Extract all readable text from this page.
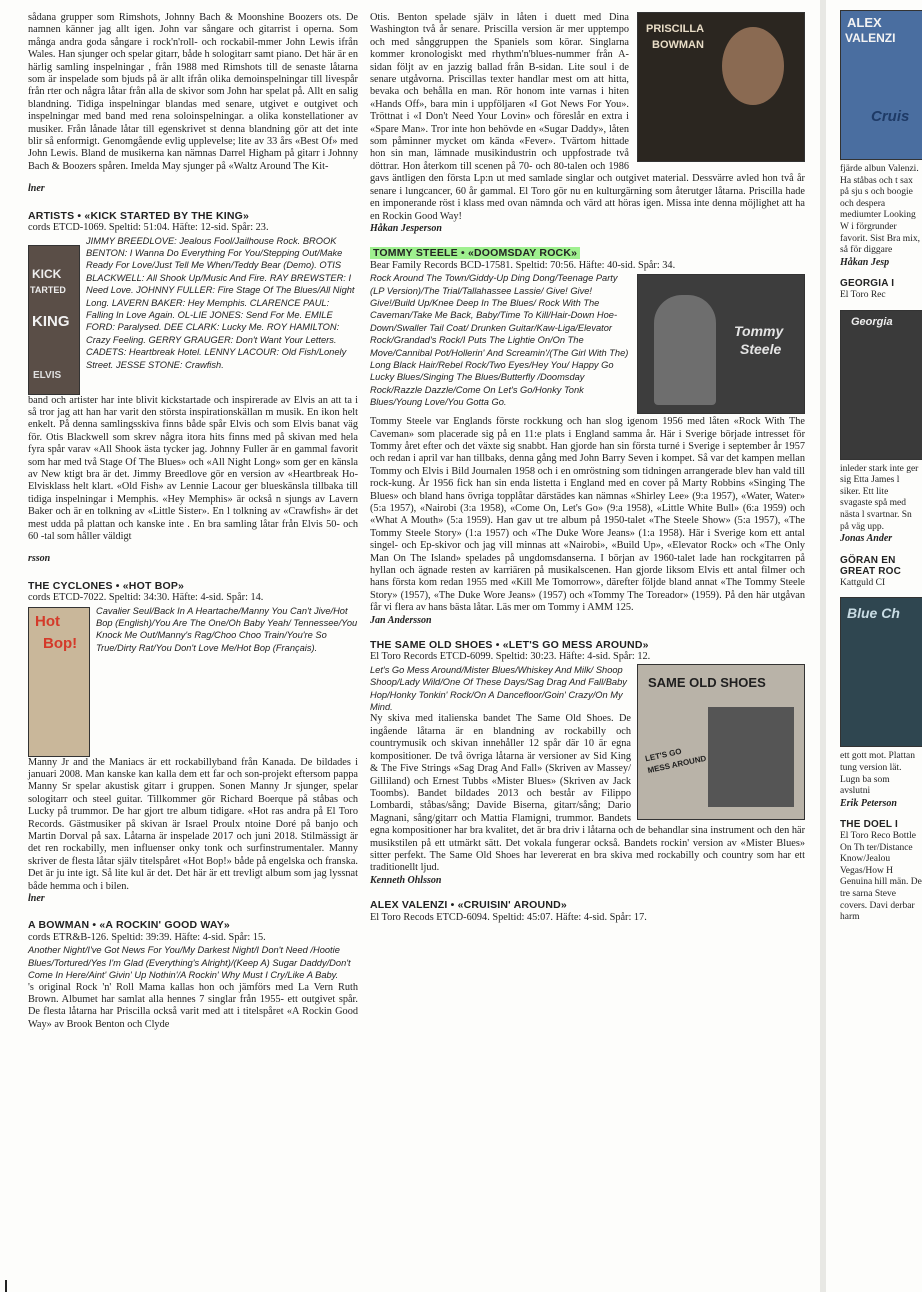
sådana grupper som Rimshots, Johnny Bach & Moonshine Boozers ots. De namnen känner jag allt igen. John var sångare och gitarrist i operna. Som många andra goda sångare i rock'n'roll- och rockabil-mmer John Lewis ifrån Wales. Han sjunger och spelar gitarr, både h sologitarr samt piano. Det här är en härlig samling inspelningar , från 1988 med Rimshots till de senaste låtarna som är inspelade som bjuds på är allt ifrån olika demoinspelningar till livespår från rter och några låtar från alla de skivor som John har spelat på. Allt en salig blandning. Tidiga inspelningar blandas med senare, utgivet e outgivet och inspelningar med band med rena soloinspelningar. a olika konstellationer av musiker. Från lånade låtar till egenskrivet st denna blandning gör att det inte blir så enformigt. Genomgående evlig upplevelse; lite av 33 års «Best Of» med John Lewis. Bland de musikerna kan nämnas Darrel Higham på gitarr i Johnny Bach & Boozers spåren. Imelda May sjunger på «Waltz Around The Kit-

lner

ARTISTS • «KICK STARTED BY THE KING»

cords ETCD-1069. Speltid: 51:04. Häfte: 12-sid. Spår: 23.

KICK
TARTED
KING
ELVIS

JIMMY BREEDLOVE: Jealous Fool/Jailhouse Rock. BROOK BENTON: I Wanna Do Everything For You/Stepping Out/Make Ready For Love/Just Tell Me When/Teddy Bear (Demo). OTIS BLACKWELL: All Shook Up/Music And Fire. RAY BREWSTER: I Need Love. JOHNNY FULLER: Fire Stage Of The Blues/All Night Long. LAVERN BAKER: Hey Memphis. CLARENCE PAUL: Falling In Love Again. OL-LIE JONES: Send For Me. EMILE FORD: Paralysed. DEE CLARK: Lucky Me. ROY HAMILTON: Crazy Feeling. GERRY GRAUGER: Don't Want Your Letters. CADETS: Heartbreak Hotel. LENNY LACOUR: Old Fish/Lonely Street. JESSE STONE: Crawfish.

band och artister har inte blivit kickstartade och inspirerade av Elvis an att ta i så tror jag att han har varit den största inspirationskällan m musik. En ikon helt enkelt. På denna samlingsskiva finns både spår Elvis och som Elvis banat väg för. Otis Blackwell som skrev några itora hits finns med på skivan med hela fyra spår varav «All Shook ästa tycker jag. Johnny Fuller är en gammal favorit som har med två Stage Of The Blues» och «All Night Long» som ger en känsla av New ktigt bra är det. Jimmy Breedlove gör en version av «Heartbreak Ho- Elvisklass helt klart. «Old Fish» av Lennie Lacour ger blueskänsla tillbaka till tidiga inspelningar i Memphis. «Hey Memphis» är också n sjungs av Lavern Baker och är en tolkning av «Little Sister». En l tolkning av «Crawfish» är det mest udda på plattan och kanske inte . En bra samling låtar från Elvis 50- och 60 -tal som håller väldigt

rsson

THE CYCLONES • «HOT BOP»

cords ETCD-7022. Speltid: 34:30. Häfte: 4-sid. Spår: 14.

Hot
Bop!

Cavalier Seul/Back In A Heartache/Manny You Can't Jive/Hot Bop (English)/You Are The One/Oh Baby Yeah/ Tennessee/You Knock Me Out/Manny's Rag/Choo Choo Train/You're So True/Dirty Rat/You Don't Love Me/Hot Bop (Français).

Manny Jr and the Maniacs är ett rockabillyband från Kanada. De bildades i januari 2008. Man kanske kan kalla dem ett far och son-projekt eftersom pappa Manny Sr spelar akustisk gitarr i gruppen. Sonen Manny Jr sjunger, spelar sologitarr och steel guitar. Tillkommer gör Richard Boerque på ståbas och Lucky på trummor. De har gjort tre album tidigare. «Hot ras andra på El Toro Records. Gästmusiker på skivan är Israel Proulx ntoine Doré på banjo och Martin Dorval på sax. Låtarna är inspelade 2017 och juni 2018. Stilmässigt är det ren rockabilly, men influenser onky tonk och surfinstrumentaler. Manny skriver de flesta låtar själv titelspåret «Hot Bop!» både på engelska och franska. Det är ju inte igt. Så lite kul är det. Det här är ett trevligt album som jag lyssnat både hemma och i bilen.

lner

A BOWMAN • «A ROCKIN' GOOD WAY»

cords ETR&B-126. Speltid: 39:39. Häfte: 4-sid. Spår: 15.

Another Night/I've Got News For You/My Darkest Night/I Don't Need /Hootie Blues/Tortured/Yes I'm Glad (Everything's Alright)/(Keep A) Sugar Daddy/Don't Come In Here/Aint' Givin' Up Nothin'/A Rockin' Why Must I Cry/Like A Baby.

's original Rock 'n' Roll Mama kallas hon och jämförs med La Vern Ruth Brown. Albumet har samlat alla hennes 7 singlar från 1955- ett outgivet spår. De flesta låtarna har Priscilla också varit med att i titelspåret «A Rockin Good Way» av Brook Benton och Clyde

PRISCILLA
BOWMAN

Otis. Benton spelade själv in låten i duett med Dina Washington två år senare. Priscilla version är mer upptempo och med sånggruppen the Spaniels som körar. Singlarna kommer kronologiskt med rhythm'n'blues-nummer från A-sidan följt av en jazzig ballad från B-sidan. Lite soul i de senare utgåvorna. Priscillas texter handlar mest om att hitta, bevaka och behålla en man. Rör honom inte varnas i hiten «Hands Off», bara min i uppföljaren «I Got News For You». Tröttnat i «I Don't Need Your Lovin» och föreslår en extra i «Spare Man». Tror inte hon behövde en «Sugar Daddy», låten som påminner mycket om kända «Fever». Tvärtom hittade hon sin man, lämnade musikindustrin och uppfostrade två döttrar. Hon återkom till scenen på 70- och 80-talen och 1986 gavs äntligen den första Lp:n ut med samlade singlar och outgivet material. Dessvärre avled hon två år senare i lungcancer, 60 år gammal. El Toro gör nu en kulturgärning som återutger låtarna. Priscilla hade en imponerande röst i klass med ovan nämnda och värd att höras igen. Missa inte denna möjlighet att ha en Rockin Good Way!

Håkan Jesperson

TOMMY STEELE • «DOOMSDAY ROCK»

Bear Family Records BCD-17581. Speltid: 70:56. Häfte: 40-sid. Spår: 34.

Tommy
Steele

Rock Around The Town/Giddy-Up Ding Dong/Teenage Party (LP Version)/The Trial/Tallahassee Lassie/ Give! Give! Give!/Build Up/Knee Deep In The Blues/ Rock With The Caveman/Take Me Back, Baby/Time To Kill/Hair-Down Hoe-Down/Swaller Tail Coat/ Drunken Guitar/Kaw-Liga/Elevator Rock/Grandad's Rock/I Puts The Lightie On/On The Move/Cannibal Pot/Hollerin' And Screamin'/(The Girl With The) Long Black Hair/Rebel Rock/Two Eyes/Hey You/ Happy Go Lucky Blues/Singing The Blues/Butterfly /Doomsday Rock/Razzle Dazzle/Come On Let's Go/Honky Tonk Blues/Young Love/You Gotta Go.

Tommy Steele var Englands förste rockkung och han slog igenom 1956 med låten «Rock With The Caveman» som placerade sig på en 11:e plats i England samma år. Här i Sverige började intresset för Tommy året efter och det växte sig snabbt. Han gjorde han sin första turné i Sverige i september år 1957 och redan i april var han tillbaks, denna gång med John Barry Seven i kompet. Så var det kampen mellan Tommy och Elvis i Bild Journalen 1958 och i en omröstning som tidningen arrangerade blev han vald till rock-kung. År 1956 fick han sin enda listetta i England med en cover på Marty Robbins «Singing The Blues» och bland hans övriga topplåtar därstädes kan nämnas «Shirley Lee» (9:a 1957), «Water, Water» (5:a 1957), «Nairobi (3:a 1958), «Come On, Let's Go» (9:a 1958), «Little White Bull» (6:a 1959) och «What A Mouth» (5:a 1959). Han gav ut tre album på 1950-talet «The Steele Show» (5:a 1957), «The Tommy Steele Story» (1:a 1957) och «The Duke Wore Jeans» (1:a 1958). Här i Sverige kom ett antal singel- och Ep-skivor och jag vill minnas att «Nairobi», «Build Up», «Elevator Rock» och «The Only Man On The Island» spelades på ungdomsdanserna. I början av 1960-talet lade han rockgitarren på hyllan och ägnade resten av karriären på musikalscenen. Han gjorde liksom Elvis ett antal filmer och hans första kom redan 1955 med «Kill Me Tomorrow», därefter följde bland annat «The Tommy Steele Story» (1957), «The Duke Wore Jeans» (1957) och «Tommy The Toreador» (1959). På den här utgåvan får vi flera av hans bästa låtar. Läs mer om Tommy i AMM 125.

Jan Andersson

THE SAME OLD SHOES • «LET'S GO MESS AROUND»

El Toro Records ETCD-6099. Speltid: 30:23. Häfte: 4-sid. Spår: 12.

SAME OLD SHOES
LET'S GO MESS AROUND

Let's Go Mess Around/Mister Blues/Whiskey And Milk/ Shoop Shoop/Lady Wild/One Of These Days/Sag Drag And Fall/Baby Hop/Honky Tonkin' Rock/On A Dancefloor/Goin' Crazy/On My Mind.

Ny skiva med italienska bandet The Same Old Shoes. De ingående låtarna är en blandning av rockabilly och countrymusik och skivan innehåller 12 spår där 10 är egna kompositioner. De två övriga låtarna är versioner av Sid King & The Five Strings «Sag Drag And Fall» (Skriven av Massey/ Gilliland) och Ernest Tubbs «Mister Blues» (Skriven av Jack Toombs). Bandet bildades 2013 och består av Filippo Lombardi, ståbas/sång; Davide Biserna, gitarr/sång; Dario Magnani, sång/gitarr och Mattia Flamigni, trummor. Bandets egna kompositioner har bra kvalitet, det är bra driv i låtarna och de behandlar sina instrument och den här musikstilen på ett utmärkt sätt. Det vokala fungerar också. Bandets rockin' version av «Mister Blues» sitter perfekt. The Same Old Shoes har levererat en bra skiva med rockabilly och country som har ett traditionellt ljud.

Kenneth Ohlsson

ALEX VALENZI • «CRUISIN' AROUND»

El Toro Recods ETCD-6094. Speltid: 45:07. Häfte: 4-sid. Spår: 17.

ALEX
VALENZI
Cruis

fjärde albun Valenzi. Ha ståbas och t sax på sju s och boogie och despera mediumter Looking W i förgrunder favorit. Sist Bra mix, så för diggare

Håkan Jesp

GEORGIA I

El Toro Rec

Georgia

inleder stark inte ger sig Etta James l siker. Ett lite svagaste spå med nästa l svartnar. Sn på väg upp.

Jonas Ander

GÖRAN EN

GREAT ROC

Kattguld CI

Blue Ch

ett gott mot. Plattan tung version lät. Lugn ba som avslutni

Erik Peterson

THE DOEL I

El Toro Reco Bottle On Th ter/Distance Know/Jealou Vegas/How H Genuina hill män. De tre sarna Steve covers. Davi derbar harm
